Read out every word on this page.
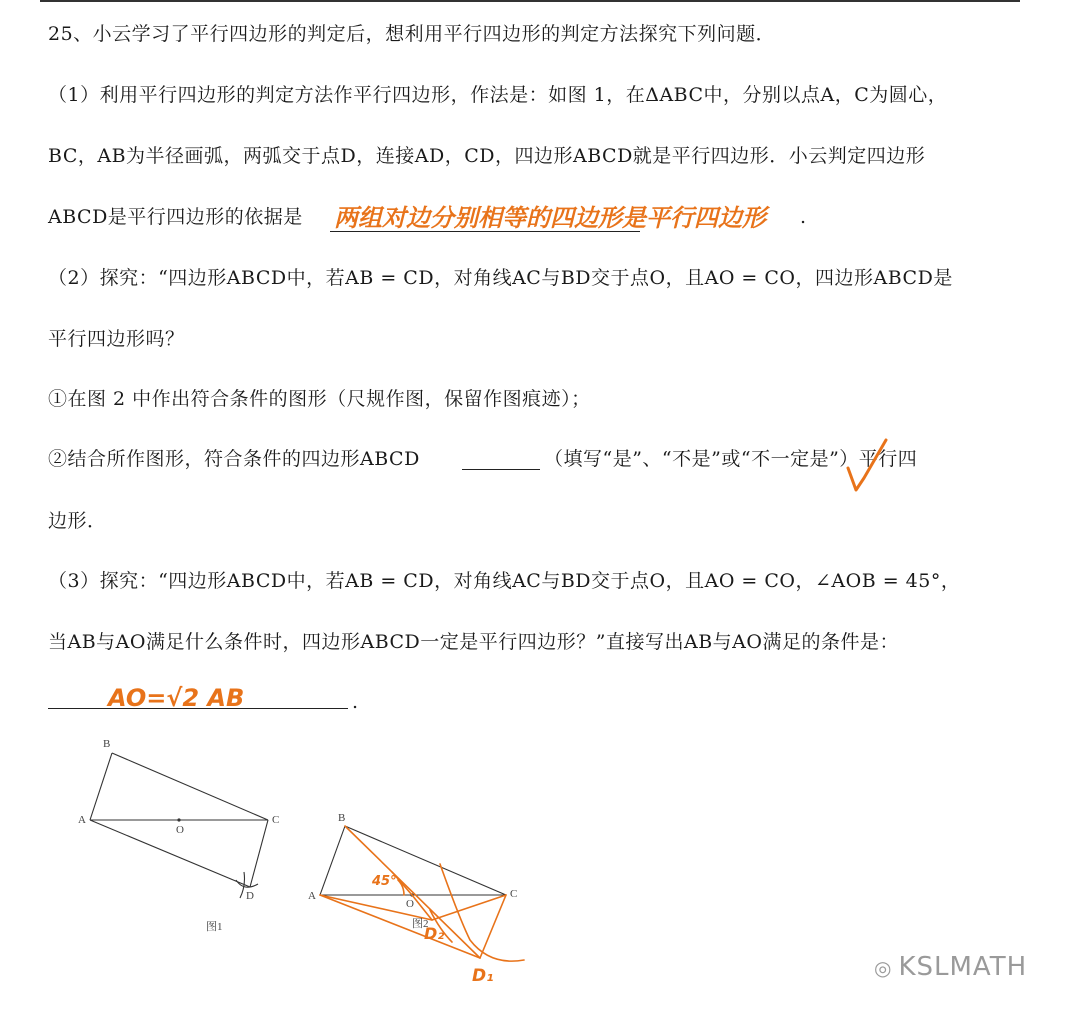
25、小云学习了平行四边形的判定后，想利用平行四边形的判定方法探究下列问题．
（1）利用平行四边形的判定方法作平行四边形，作法是：如图 1，在ΔABC中，分别以点A，C为圆心，
BC，AB为半径画弧，两弧交于点D，连接AD，CD，四边形ABCD就是平行四边形．小云判定四边形
ABCD是平行四边形的依据是	.
两组对边分别相等的四边形是平行四边形
（2）探究：“四边形ABCD中，若AB = CD，对角线AC与BD交于点O，且AO = CO，四边形ABCD是
平行四边形吗？
①在图 2 中作出符合条件的图形（尺规作图，保留作图痕迹）；
②结合所作图形，符合条件的四边形ABCD	（填写“是”、“不是”或“不一定是”）平行四
边形．
（3）探究：“四边形ABCD中，若AB = CD，对角线AC与BD交于点O，且AO = CO，∠AOB = 45°，
当AB与AO满足什么条件时，四边形ABCD一定是平行四边形？”直接写出AB与AO满足的条件是：
.
AO=√2 AB
B
A	C
O
D
图1
B
A	C
O
图2
45°
D₂
D₁	◎ KSLMATH
